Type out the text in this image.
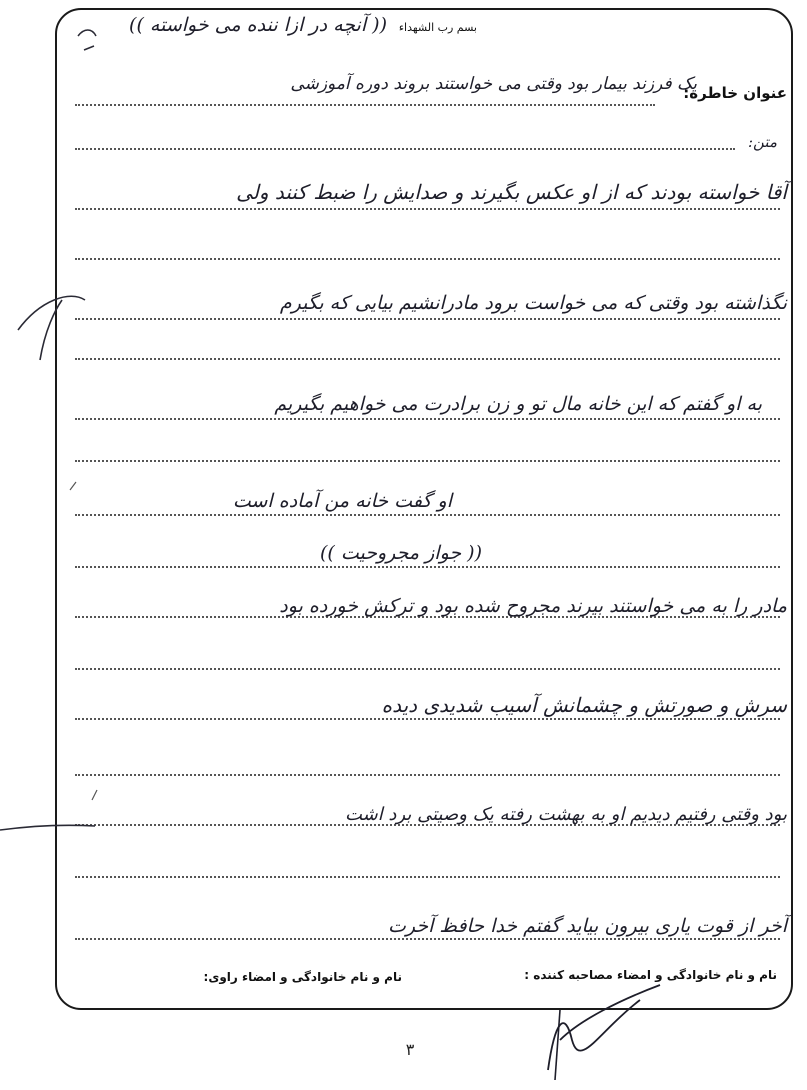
(( آنچه در ازا ننده می خواسته )) بسم رب الشهداء
عنوان خاطره:
یک فرزند بیمار بود وقتی می خواستند بروند دوره آموزشی
متن:
آقا خواسته بودند که از او عکس بگیرند و صدایش را ضبط کنند ولی
نگذاشته بود وقتی که می خواست برود مادرانشیم بیایی که بگیرم
به او گفتم که این خانه مال تو و زن برادرت می خواهیم بگیریم
او گفت خانه من آماده است
(( جواز مجروحیت ))
مادر را به می خواستند بیرند مجروح شده بود و ترکش خورده بود
سرش و صورتش و چشمانش آسیب شدیدی دیده
بود وقتی رفتیم دیدیم او به بهشت رفته یک وصیتی برد اشت
آخر از قوت یاری بیرون بیاید گفتم خدا حافظ آخرت
نام و نام خانوادگی و امضاء مصاحبه کننده :
نام و نام خانوادگی و امضاء راوی:
۳
